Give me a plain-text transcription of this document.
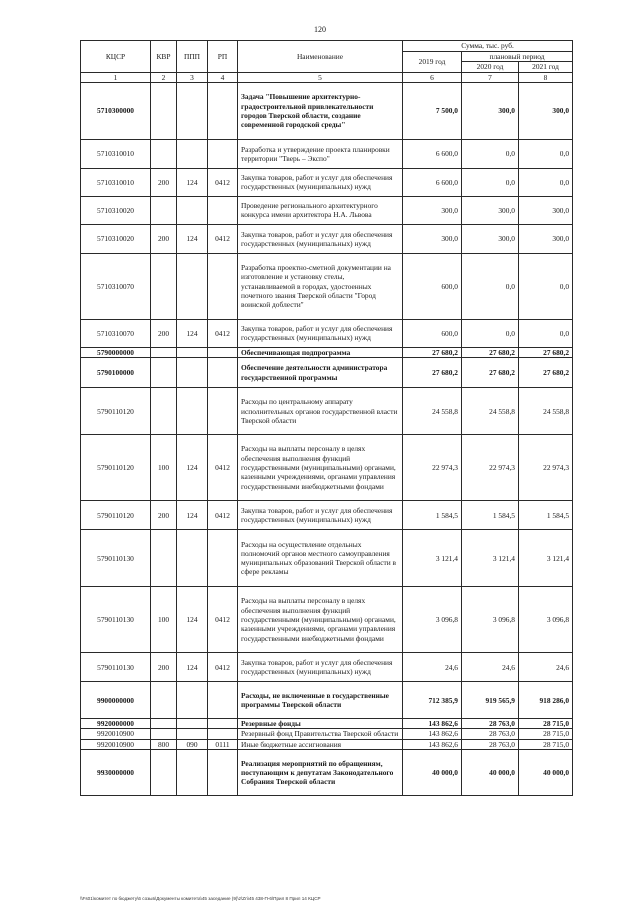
120
КЦСР	КВР	ППП	РП	Наименование	Сумма, тыс. руб.		
					2019 год	плановый период	
						2020 год	2021 год
1	2	3	4	5	6	7	8
5710300000				Задача "Повышение архитектурно-градостроительной привлекательности городов Тверской области, создание современной городской среды"	7 500,0	300,0	300,0
5710310010				Разработка и утверждение проекта планировки территории "Тверь – Экспо"	6 600,0	0,0	0,0
5710310010	200	124	0412	Закупка товаров, работ и услуг для обеспечения государственных (муниципальных) нужд	6 600,0	0,0	0,0
5710310020				Проведение регионального архитектурного конкурса имени архитектора Н.А. Львова	300,0	300,0	300,0
5710310020	200	124	0412	Закупка товаров, работ и услуг для обеспечения государственных (муниципальных) нужд	300,0	300,0	300,0
5710310070				Разработка проектно-сметной документации на изготовление и установку стелы, устанавливаемой в городах, удостоенных почетного звания Тверской области "Город воинской доблести"	600,0	0,0	0,0
5710310070	200	124	0412	Закупка товаров, работ и услуг для обеспечения государственных (муниципальных) нужд	600,0	0,0	0,0
5790000000				Обеспечивающая подпрограмма	27 680,2	27 680,2	27 680,2
5790100000				Обеспечение деятельности администратора государственной программы	27 680,2	27 680,2	27 680,2
5790110120				Расходы по центральному аппарату исполнительных органов государственной власти Тверской области	24 558,8	24 558,8	24 558,8
5790110120	100	124	0412	Расходы на выплаты персоналу в целях обеспечения выполнения функций государственными (муниципальными) органами, казенными учреждениями, органами управления государственными внебюджетными фондами	22 974,3	22 974,3	22 974,3
5790110120	200	124	0412	Закупка товаров, работ и услуг для обеспечения государственных (муниципальных) нужд	1 584,5	1 584,5	1 584,5
5790110130				Расходы на осуществление отдельных полномочий органов местного самоуправления муниципальных образований Тверской области в сфере рекламы	3 121,4	3 121,4	3 121,4
5790110130	100	124	0412	Расходы на выплаты персоналу в целях обеспечения выполнения функций государственными (муниципальными) органами, казенными учреждениями, органами управления государственными внебюджетными фондами	3 096,8	3 096,8	3 096,8
5790110130	200	124	0412	Закупка товаров, работ и услуг для обеспечения государственных (муниципальных) нужд	24,6	24,6	24,6
9900000000				Расходы, не включенные в государственные программы Тверской области	712 385,9	919 565,9	918 286,0
9920000000				Резервные фонды	143 862,6	28 763,0	28 715,0
9920010900				Резервный фонд Правительства Тверской области	143 862,6	28 763,0	28 715,0
9920010900	800	090	0111	Иные бюджетные ассигнования	143 862,6	28 763,0	28 715,0
9930000000				Реализация мероприятий по обращениям, поступающим к депутатам Законодательного Собрания Тверской области	40 000,0	40 000,0	40 000,0
\\Fs01\комитет по бюджету\6 созыв\Документы комитета\45 заседание (9)\z\Zn\45 438-П-6\Прил 8 Прил 14 КЦСР
